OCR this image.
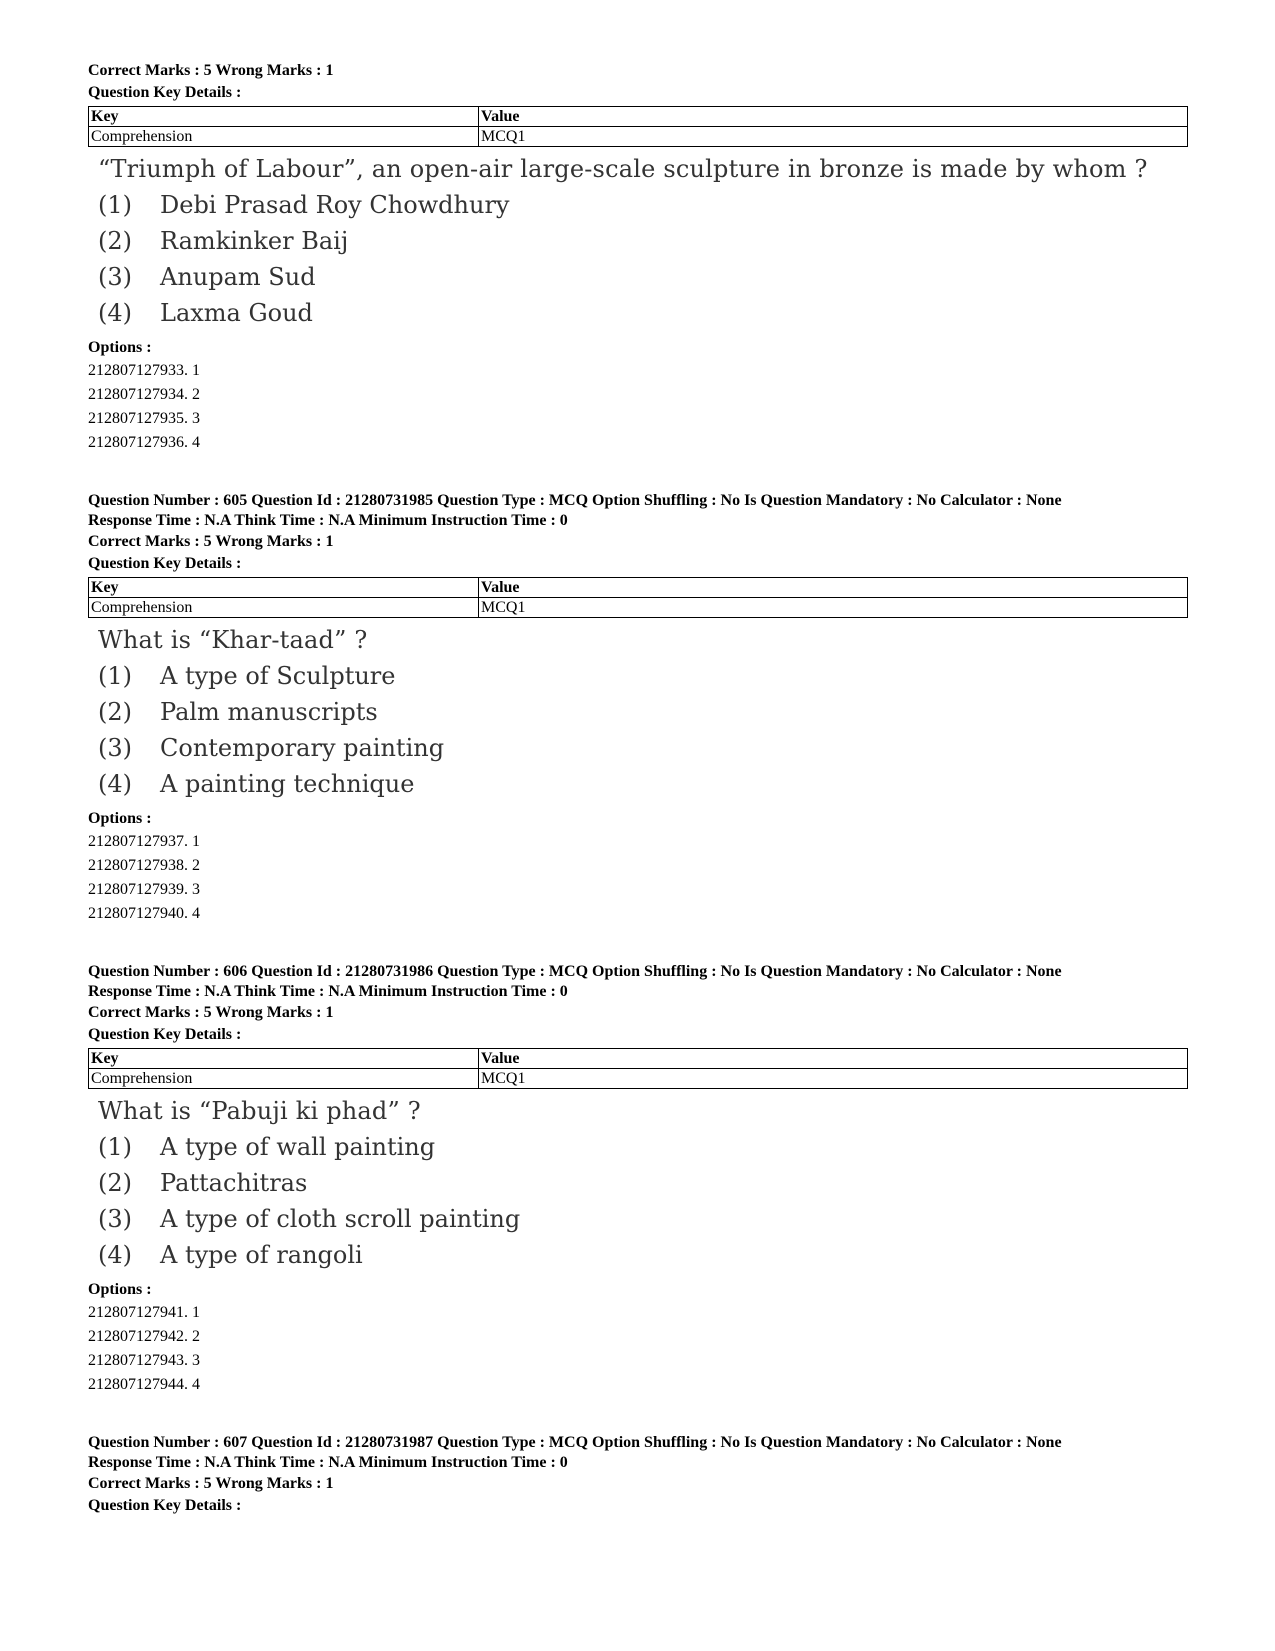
Correct Marks : 5 Wrong Marks : 1
Question Key Details :
Key	Value
Comprehension	MCQ1
“Triumph of Labour”, an open-air large-scale sculpture in bronze is made by whom ?
(1)	Debi Prasad Roy Chowdhury
(2)	Ramkinker Baij
(3)	Anupam Sud
(4)	Laxma Goud
Options :
212807127933. 1
212807127934. 2
212807127935. 3
212807127936. 4
Question Number : 605 Question Id : 21280731985 Question Type : MCQ Option Shuffling : No Is Question Mandatory : No Calculator : None
Response Time : N.A Think Time : N.A Minimum Instruction Time : 0
Correct Marks : 5 Wrong Marks : 1
Question Key Details :
Key	Value
Comprehension	MCQ1
What is “Khar-taad” ?
(1)	A type of Sculpture
(2)	Palm manuscripts
(3)	Contemporary painting
(4)	A painting technique
Options :
212807127937. 1
212807127938. 2
212807127939. 3
212807127940. 4
Question Number : 606 Question Id : 21280731986 Question Type : MCQ Option Shuffling : No Is Question Mandatory : No Calculator : None
Response Time : N.A Think Time : N.A Minimum Instruction Time : 0
Correct Marks : 5 Wrong Marks : 1
Question Key Details :
Key	Value
Comprehension	MCQ1
What is “Pabuji ki phad” ?
(1)	A type of wall painting
(2)	Pattachitras
(3)	A type of cloth scroll painting
(4)	A type of rangoli
Options :
212807127941. 1
212807127942. 2
212807127943. 3
212807127944. 4
Question Number : 607 Question Id : 21280731987 Question Type : MCQ Option Shuffling : No Is Question Mandatory : No Calculator : None
Response Time : N.A Think Time : N.A Minimum Instruction Time : 0
Correct Marks : 5 Wrong Marks : 1
Question Key Details :
